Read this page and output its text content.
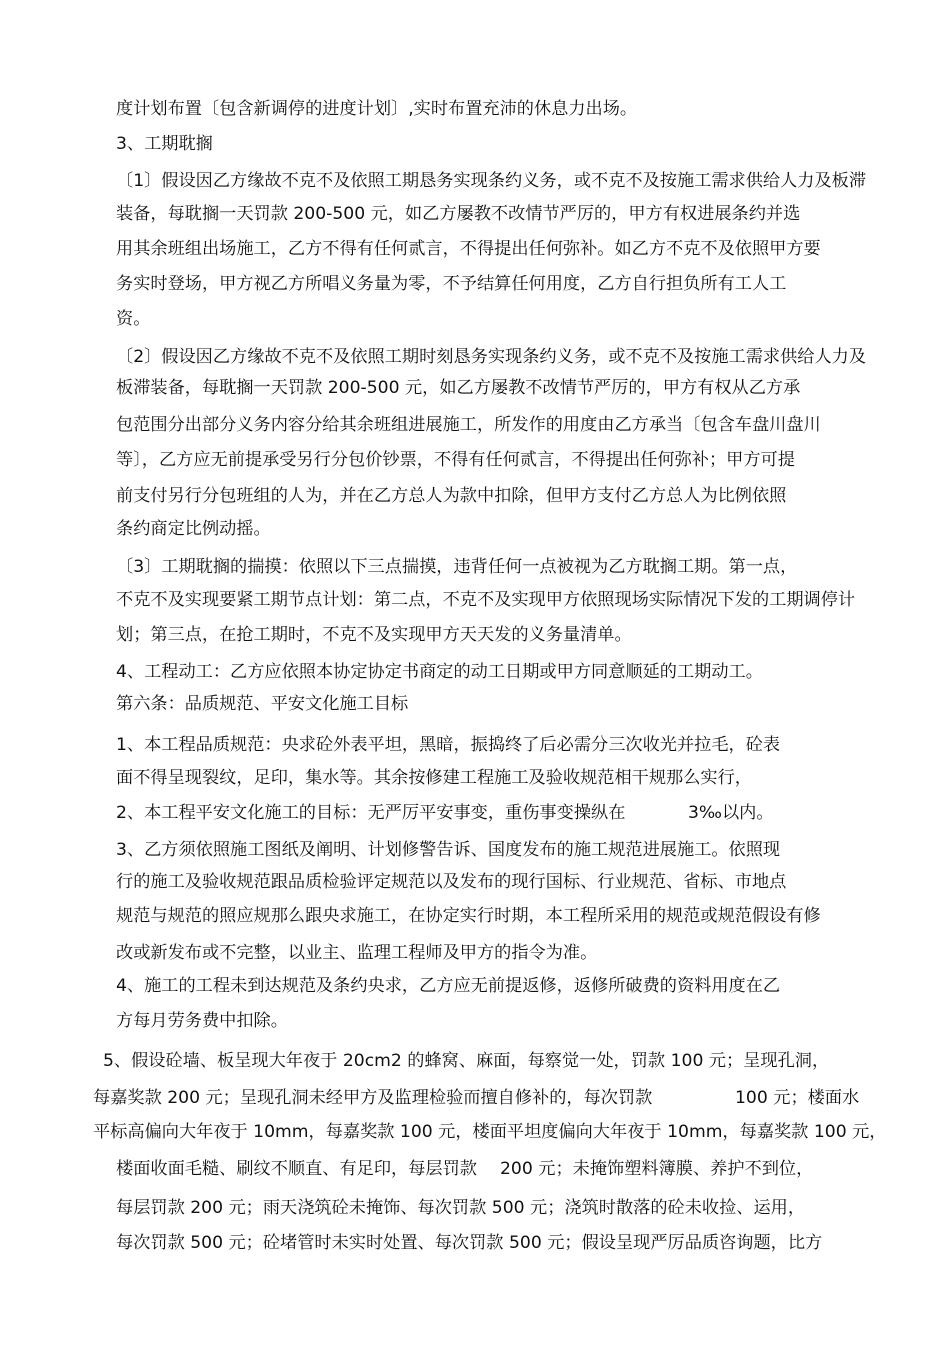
度计划布置〔包含新调停的进度计划〕,实时布置充沛的休息力出场。
3、工期耽搁
〔1〕假设因乙方缘故不克不及依照工期恳务实现条约义务，或不克不及按施工需求供给人力及板滞
装备，每耽搁一天罚款 200-500 元，如乙方屡教不改情节严厉的，甲方有权进展条约并选
用其余班组出场施工，乙方不得有任何贰言，不得提出任何弥补。如乙方不克不及依照甲方要
务实时登场，甲方视乙方所唱义务量为零，不予结算任何用度，乙方自行担负所有工人工
资。
〔2〕假设因乙方缘故不克不及依照工期时刻恳务实现条约义务，或不克不及按施工需求供给人力及
板滞装备，每耽搁一天罚款 200-500 元，如乙方屡教不改情节严厉的，甲方有权从乙方承
包范围分出部分义务内容分给其余班组进展施工，所发作的用度由乙方承当〔包含车盘川盘川
等〕，乙方应无前提承受另行分包价钞票，不得有任何贰言，不得提出任何弥补；甲方可提
前支付另行分包班组的人为，并在乙方总人为款中扣除，但甲方支付乙方总人为比例依照
条约商定比例动摇。
〔3〕工期耽搁的揣摸：依照以下三点揣摸，违背任何一点被视为乙方耽搁工期。第一点，
不克不及实现要紧工期节点计划：第二点，不克不及实现甲方依照现场实际情况下发的工期调停计
划；第三点，在抢工期时，不克不及实现甲方天天发的义务量清单。
4、工程动工：乙方应依照本协定协定书商定的动工日期或甲方同意顺延的工期动工。
第六条：品质规范、平安文化施工目标
1、本工程品质规范：央求砼外表平坦，黑暗，振捣终了后必需分三次收光并拉毛，砼表
面不得呈现裂纹，足印，集水等。其余按修建工程施工及验收规范相干规那么实行，
2、本工程平安文化施工的目标：无严厉平安事变，重伤事变操纵在	3‰以内。
3、乙方须依照施工图纸及阐明、计划修警告诉、国度发布的施工规范进展施工。依照现
行的施工及验收规范跟品质检验评定规范以及发布的现行国标、行业规范、省标、市地点
规范与规范的照应规那么跟央求施工，在协定实行时期，本工程所采用的规范或规范假设有修
改或新发布或不完整，以业主、监理工程师及甲方的指令为准。
4、施工的工程未到达规范及条约央求，乙方应无前提返修，返修所破费的资料用度在乙
方每月劳务费中扣除。
5、假设砼墙、板呈现大年夜于 20cm2 的蜂窝、麻面，每察觉一处，罚款 100 元；呈现孔洞，
每嘉奖款 200 元；呈现孔洞未经甲方及监理检验而擅自修补的，每次罚款	100 元；楼面水
平标高偏向大年夜于 10mm，每嘉奖款 100 元，楼面平坦度偏向大年夜于 10mm，每嘉奖款 100 元，
楼面收面毛糙、刷纹不顺直、有足印，每层罚款 200 元；未掩饰塑料簿膜、养护不到位，
每层罚款 200 元；雨天浇筑砼未掩饰、每次罚款 500 元；浇筑时散落的砼未收捡、运用，
每次罚款 500 元；砼堵管时未实时处置、每次罚款 500 元；假设呈现严厉品质咨询题，比方
